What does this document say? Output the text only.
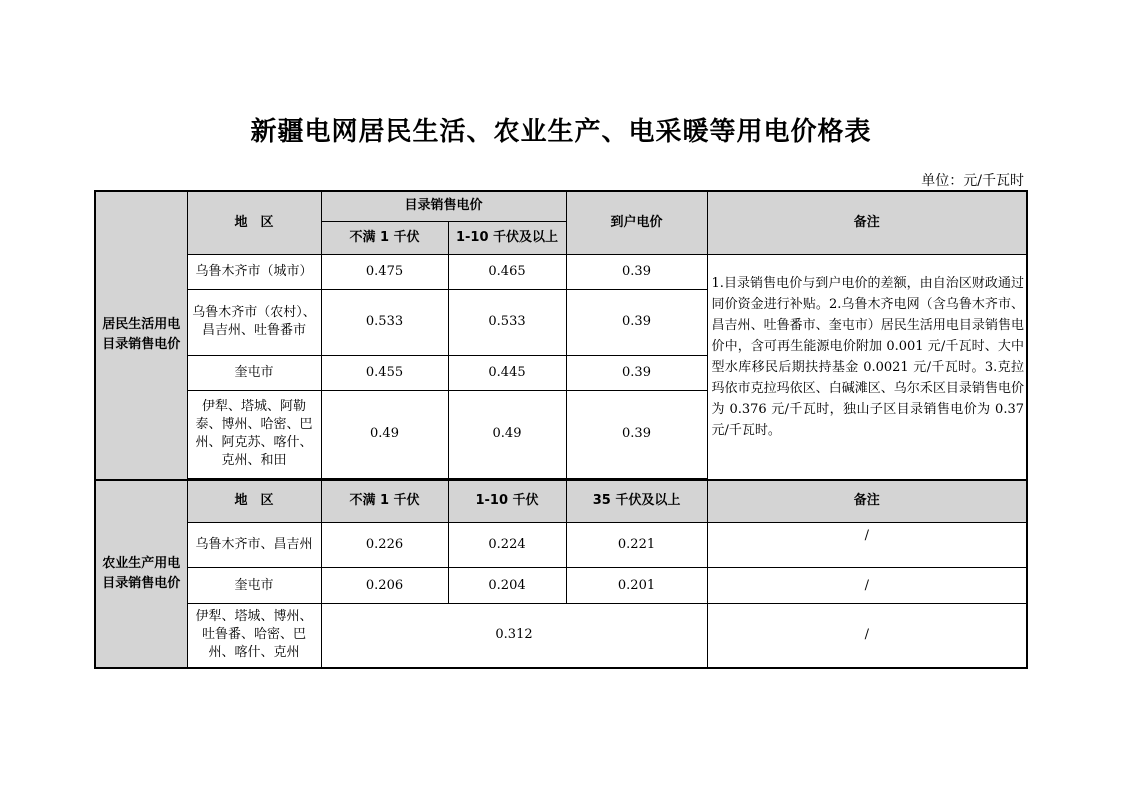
新疆电网居民生活、农业生产、电采暖等用电价格表
单位：元/千瓦时
居民生活用电目录销售电价	地　区	目录销售电价		到户电价	备注
		不满 1 千伏	1-10 千伏及以上		
	乌鲁木齐市（城市）	0.475	0.465	0.39	1.目录销售电价与到户电价的差额，由自治区财政通过同价资金进行补贴。2.乌鲁木齐电网（含乌鲁木齐市、昌吉州、吐鲁番市、奎屯市）居民生活用电目录销售电价中，含可再生能源电价附加 0.001 元/千瓦时、大中型水库移民后期扶持基金 0.0021 元/千瓦时。3.克拉玛依市克拉玛依区、白碱滩区、乌尔禾区目录销售电价为 0.376 元/千瓦时，独山子区目录销售电价为 0.37 元/千瓦时。
	乌鲁木齐市（农村）、昌吉州、吐鲁番市	0.533	0.533	0.39	
	奎屯市	0.455	0.445	0.39	
	伊犁、塔城、阿勒泰、博州、哈密、巴州、阿克苏、喀什、克州、和田	0.49	0.49	0.39	

农业生产用电目录销售电价	地　区	不满 1 千伏	1-10 千伏	35 千伏及以上	备注
	乌鲁木齐市、昌吉州	0.226	0.224	0.221	/
	奎屯市	0.206	0.204	0.201	/
	伊犁、塔城、博州、吐鲁番、哈密、巴州、喀什、克州	0.312			/
